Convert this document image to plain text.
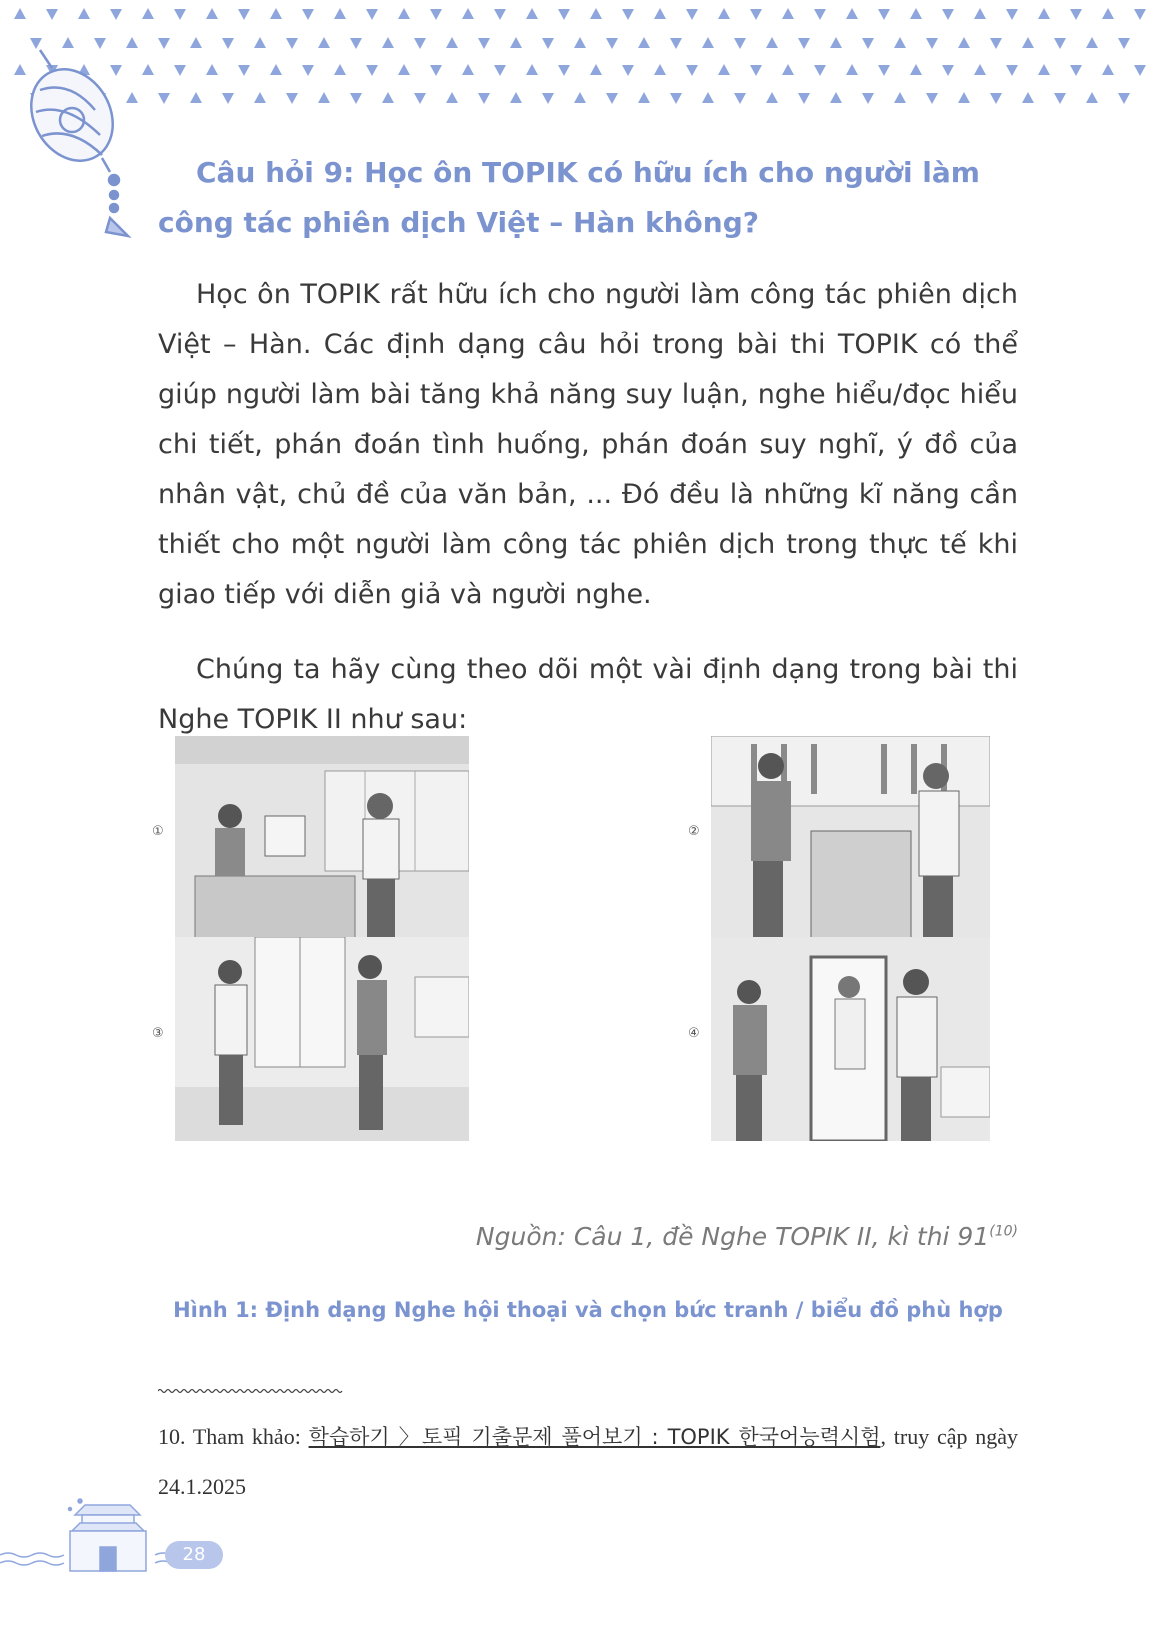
Câu hỏi 9: Học ôn TOPIK có hữu ích cho người làm công tác phiên dịch Việt – Hàn không?

Học ôn TOPIK rất hữu ích cho người làm công tác phiên dịch Việt – Hàn. Các định dạng câu hỏi trong bài thi TOPIK có thể giúp người làm bài tăng khả năng suy luận, nghe hiểu/đọc hiểu chi tiết, phán đoán tình huống, phán đoán suy nghĩ, ý đồ của nhân vật, chủ đề của văn bản, ... Đó đều là những kĩ năng cần thiết cho một người làm công tác phiên dịch trong thực tế khi giao tiếp với diễn giả và người nghe.

Chúng ta hãy cùng theo dõi một vài định dạng trong bài thi Nghe TOPIK II như sau:

①	②
③	④

Nguồn: Câu 1, đề Nghe TOPIK II, kì thi 91$^{(10)}$

Hình 1: Định dạng Nghe hội thoại và chọn bức tranh / biểu đồ phù hợp

10. Tham khảo: 학습하기 〉토픽 기출문제 풀어보기 : TOPIK 한국어능력시험, truy cập ngày 24.1.2025

28
